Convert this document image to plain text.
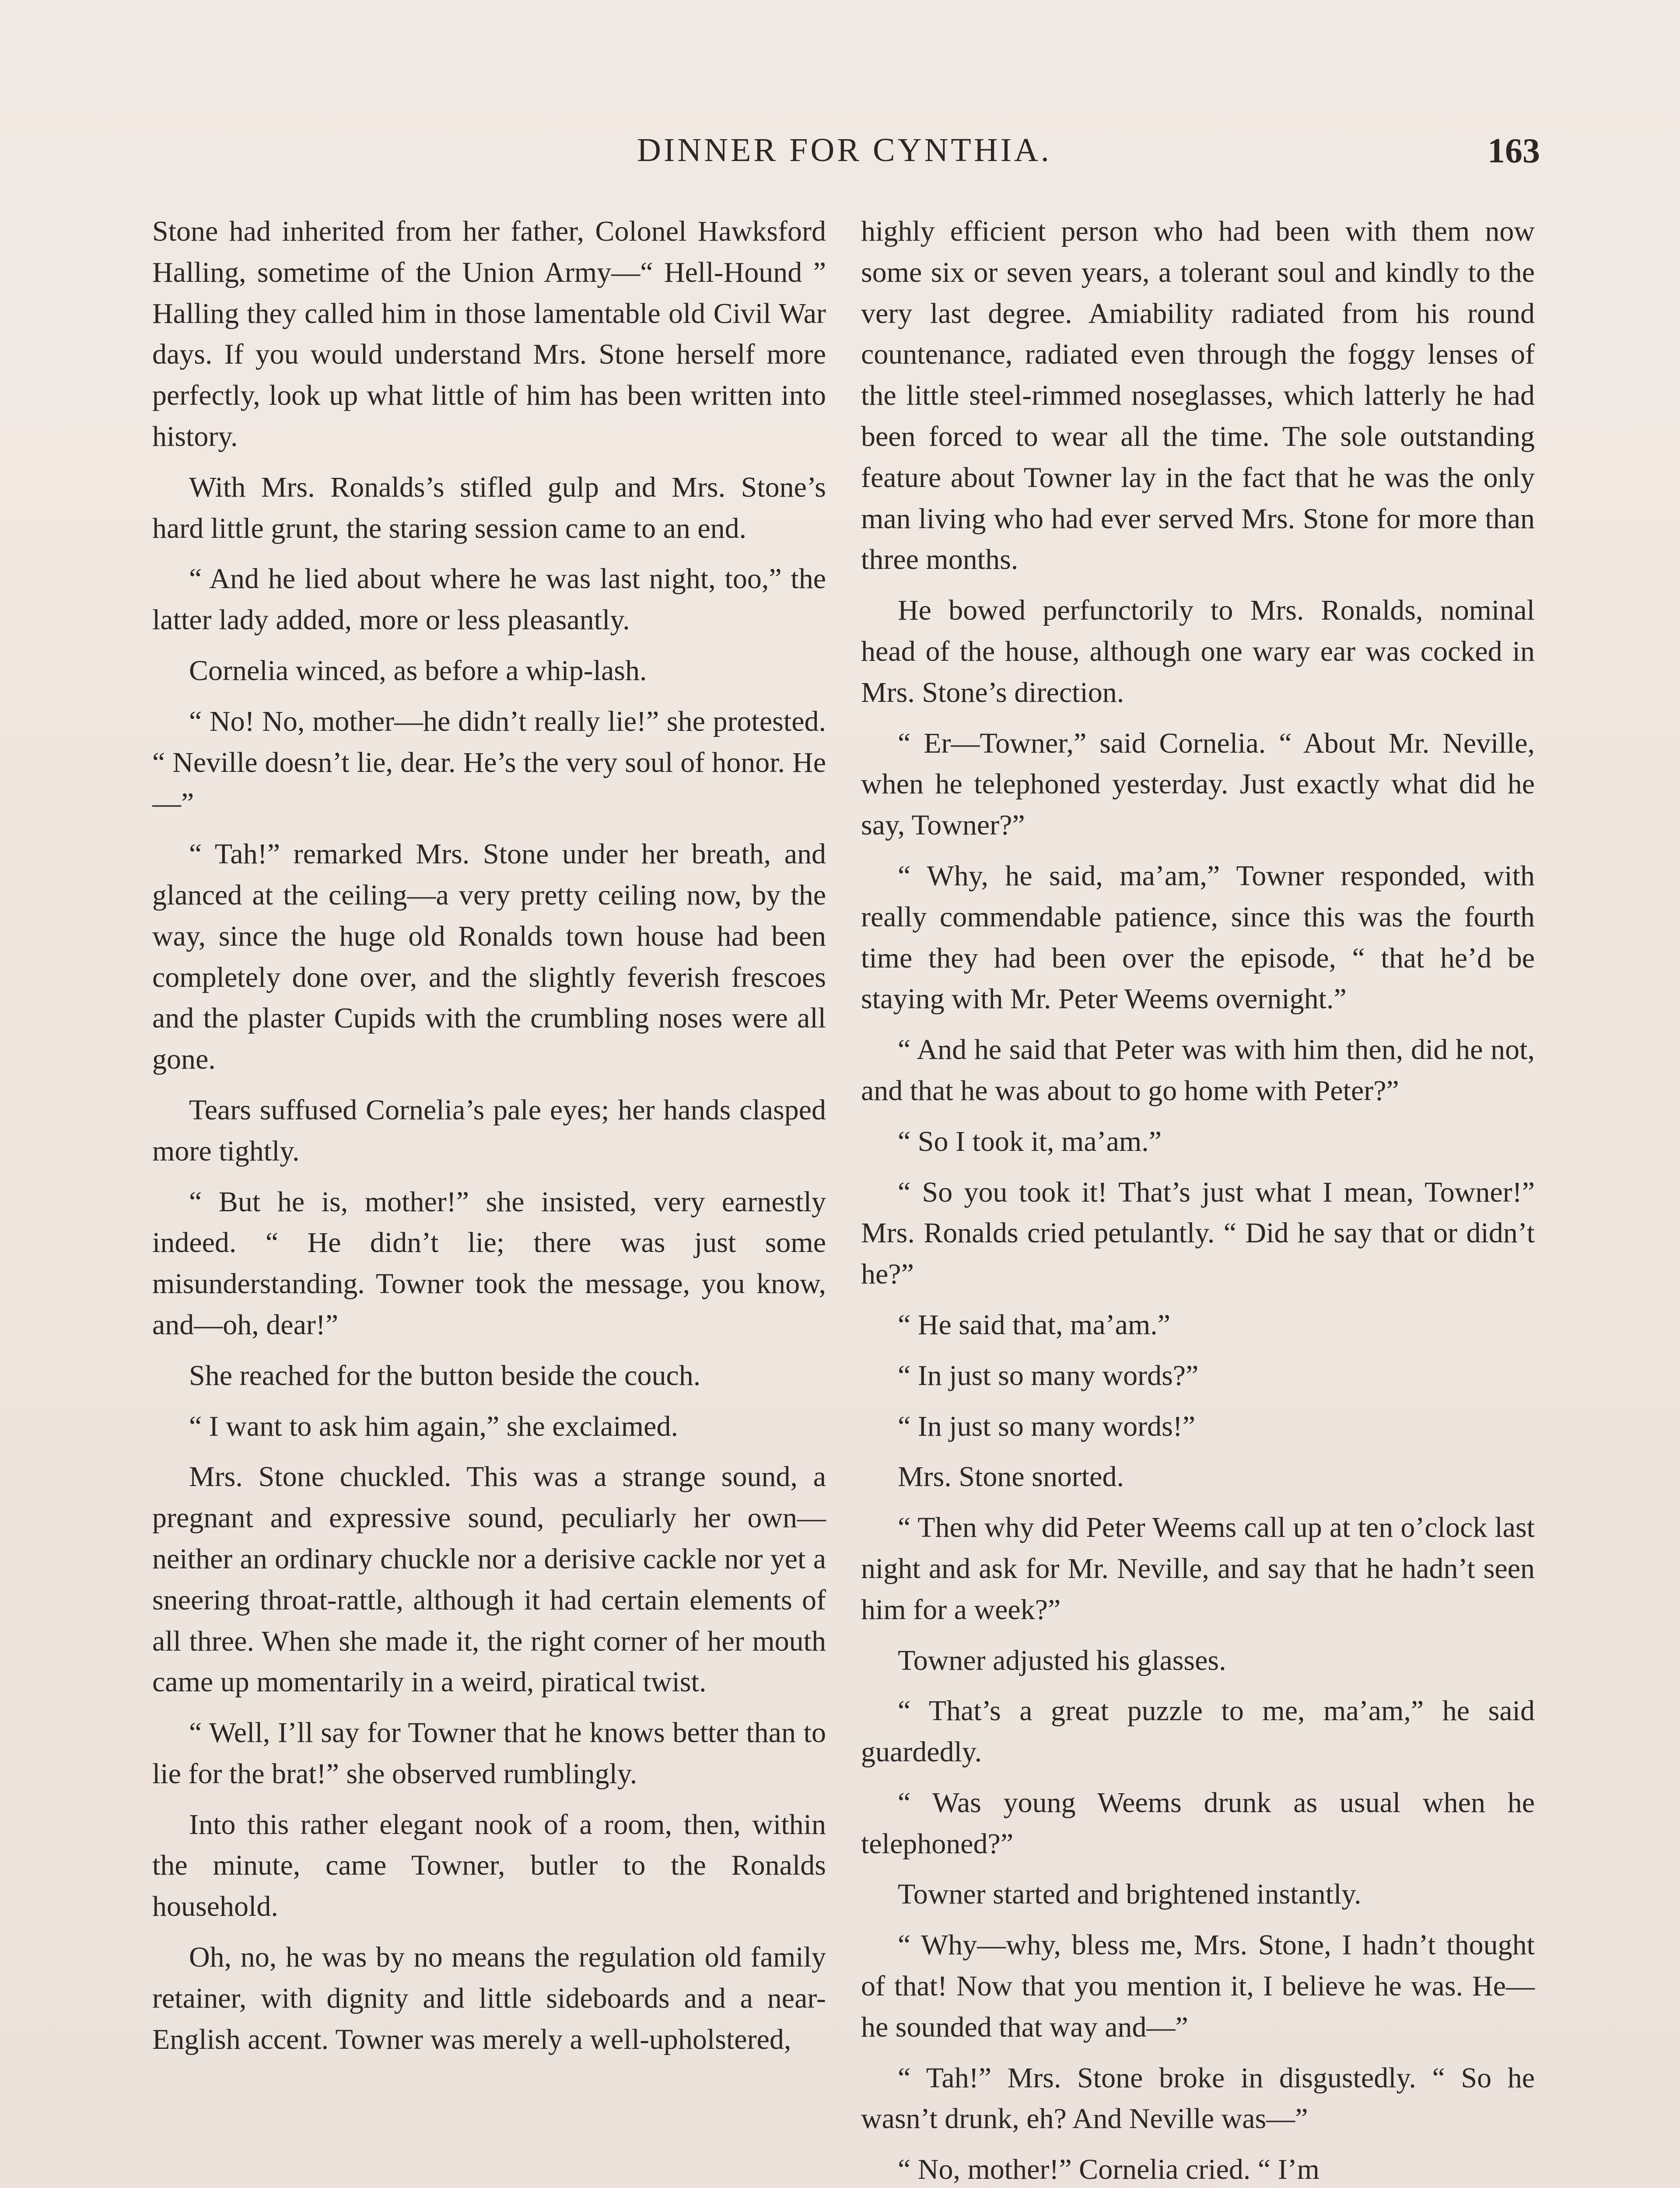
DINNER FOR CYNTHIA.	163

Stone had inherited from her father, Colonel Hawksford Halling, sometime of the Union Army—“ Hell-Hound ” Halling they called him in those lamentable old Civil War days. If you would understand Mrs. Stone herself more perfectly, look up what little of him has been written into history.

With Mrs. Ronalds’s stifled gulp and Mrs. Stone’s hard little grunt, the staring session came to an end.

“ And he lied about where he was last night, too,” the latter lady added, more or less pleasantly.

Cornelia winced, as before a whip-lash.

“ No! No, mother—he didn’t really lie!” she protested. “ Neville doesn’t lie, dear. He’s the very soul of honor. He—”

“ Tah!” remarked Mrs. Stone under her breath, and glanced at the ceiling—a very pretty ceiling now, by the way, since the huge old Ronalds town house had been completely done over, and the slightly feverish frescoes and the plaster Cupids with the crumbling noses were all gone.

Tears suffused Cornelia’s pale eyes; her hands clasped more tightly.

“ But he is, mother!” she insisted, very earnestly indeed. “ He didn’t lie; there was just some misunderstanding. Towner took the message, you know, and—oh, dear!”

She reached for the button beside the couch.

“ I want to ask him again,” she exclaimed.

Mrs. Stone chuckled. This was a strange sound, a pregnant and expressive sound, peculiarly her own—neither an ordinary chuckle nor a derisive cackle nor yet a sneering throat-rattle, although it had certain elements of all three. When she made it, the right corner of her mouth came up momentarily in a weird, piratical twist.

“ Well, I’ll say for Towner that he knows better than to lie for the brat!” she observed rumblingly.

Into this rather elegant nook of a room, then, within the minute, came Towner, butler to the Ronalds household.

Oh, no, he was by no means the regulation old family retainer, with dignity and little sideboards and a near-English accent. Towner was merely a well-upholstered,

highly efficient person who had been with them now some six or seven years, a tolerant soul and kindly to the very last degree. Amiability radiated from his round countenance, radiated even through the foggy lenses of the little steel-rimmed noseglasses, which latterly he had been forced to wear all the time. The sole outstanding feature about Towner lay in the fact that he was the only man living who had ever served Mrs. Stone for more than three months.

He bowed perfunctorily to Mrs. Ronalds, nominal head of the house, although one wary ear was cocked in Mrs. Stone’s direction.

“ Er—Towner,” said Cornelia. “ About Mr. Neville, when he telephoned yesterday. Just exactly what did he say, Towner?”

“ Why, he said, ma’am,” Towner responded, with really commendable patience, since this was the fourth time they had been over the episode, “ that he’d be staying with Mr. Peter Weems overnight.”

“ And he said that Peter was with him then, did he not, and that he was about to go home with Peter?”

“ So I took it, ma’am.”

“ So you took it! That’s just what I mean, Towner!” Mrs. Ronalds cried petulantly. “ Did he say that or didn’t he?”

“ He said that, ma’am.”

“ In just so many words?”

“ In just so many words!”

Mrs. Stone snorted.

“ Then why did Peter Weems call up at ten o’clock last night and ask for Mr. Neville, and say that he hadn’t seen him for a week?”

Towner adjusted his glasses.

“ That’s a great puzzle to me, ma’am,” he said guardedly.

“ Was young Weems drunk as usual when he telephoned?”

Towner started and brightened instantly.

“ Why—why, bless me, Mrs. Stone, I hadn’t thought of that! Now that you mention it, I believe he was. He—he sounded that way and—”

“ Tah!” Mrs. Stone broke in disgustedly. “ So he wasn’t drunk, eh? And Neville was—”

“ No, mother!” Cornelia cried. “ I’m
